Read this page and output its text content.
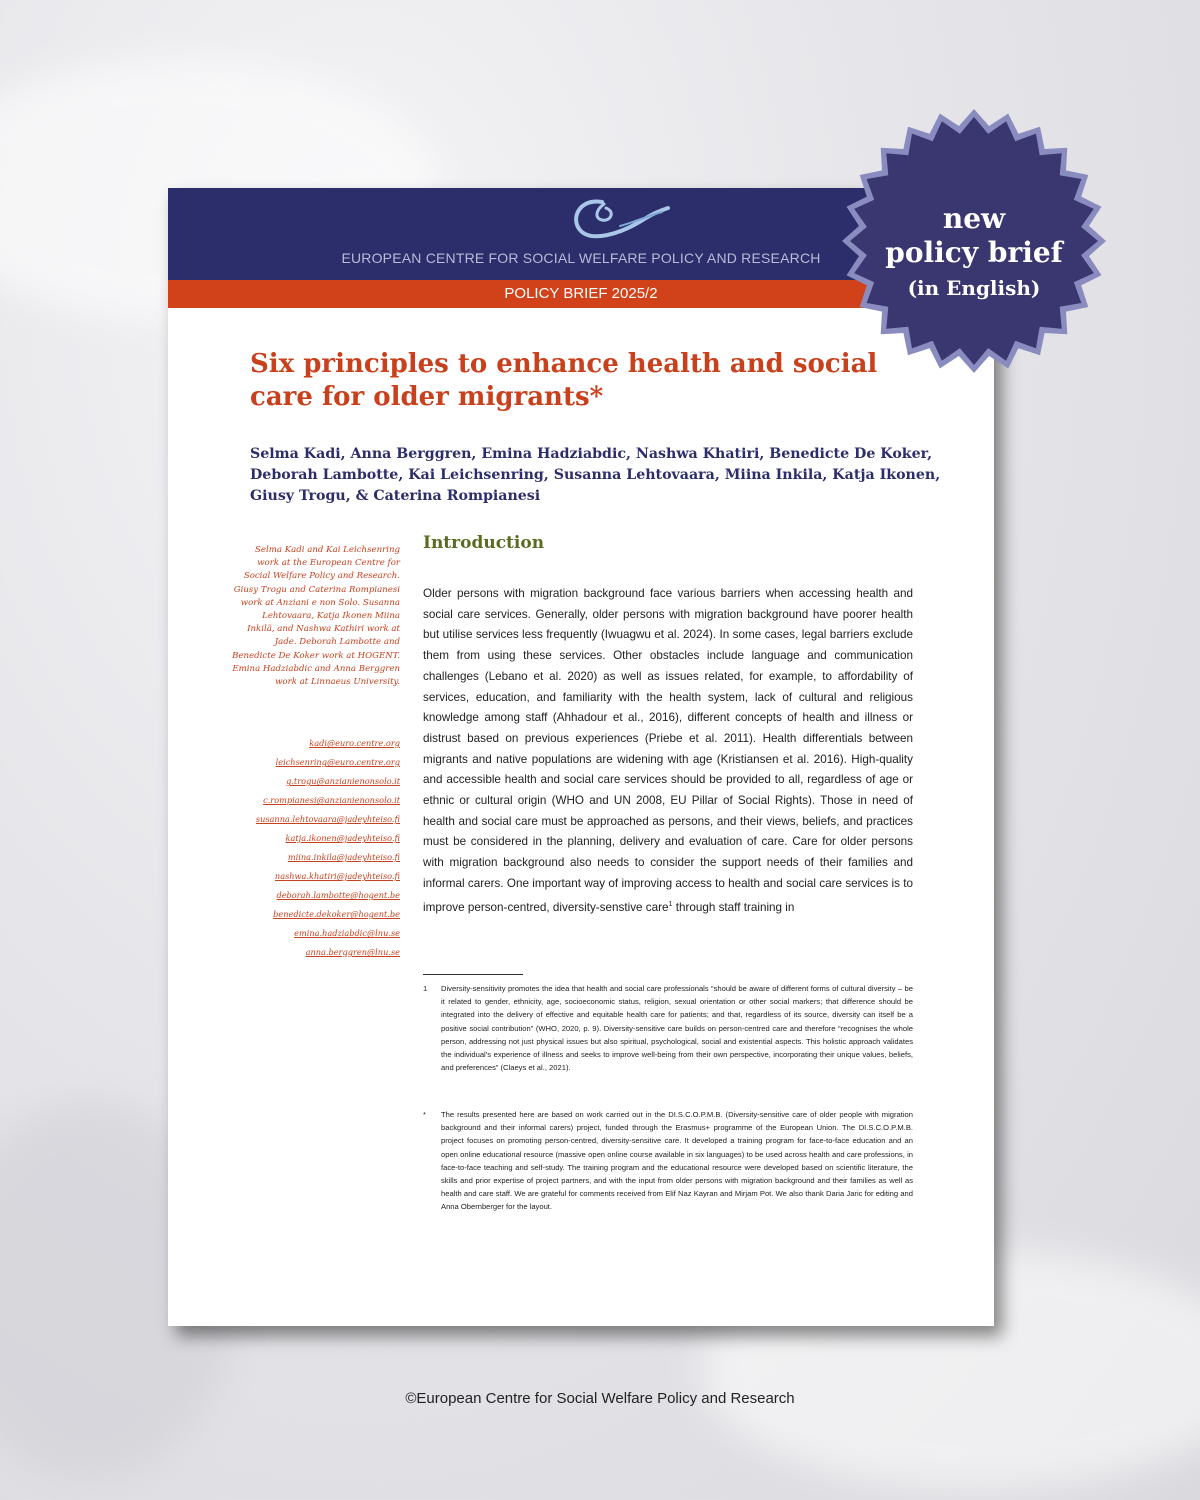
EUROPEAN CENTRE FOR SOCIAL WELFARE POLICY AND RESEARCH
POLICY BRIEF 2025/2
Six principles to enhance health and social care for older migrants*

Selma Kadi, Anna Berggren, Emina Hadziabdic, Nashwa Khatiri, Benedicte De Koker, Deborah Lambotte, Kai Leichsenring, Susanna Lehtovaara, Miina Inkila, Katja Ikonen, Giusy Trogu, & Caterina Rompianesi

Selma Kadi and Kai Leichsenring work at the European Centre for Social Welfare Policy and Research. Giusy Trogu and Caterina Rompianesi work at Anziani e non Solo. Susanna Lehtovaara, Katja Ikonen Miina Inkilä, and Nashwa Kathiri work at Jade. Deborah Lambotte and Benedicte De Koker work at HOGENT. Emina Hadziabdic and Anna Berggren work at Linnaeus University.

kadi@euro.centre.org
leichsenring@euro.centre.org
g.trogu@anzianienonsolo.it
c.rompianesi@anzianienonsolo.it
susanna.lehtovaara@jadeyhteiso.fi
katja.ikonen@jadeyhteiso.fi
miina.inkila@jadeyhteiso.fi
nashwa.khatiri@jadeyhteiso.fi
deborah.lambotte@hogent.be
benedicte.dekoker@hogent.be
emina.hadziabdic@lnu.se
anna.berggren@lnu.se
Introduction

Older persons with migration background face various barriers when accessing health and social care services. Generally, older persons with migration background have poorer health but utilise services less frequently (Iwuagwu et al. 2024). In some cases, legal barriers exclude them from using these services. Other obstacles include language and communication challenges (Lebano et al. 2020) as well as issues related, for example, to affordability of services, education, and familiarity with the health system, lack of cultural and religious knowledge among staff (Ahhadour et al., 2016), different concepts of health and illness or distrust based on previous experiences (Priebe et al. 2011). Health differentials between migrants and native populations are widening with age (Kristiansen et al. 2016). High-quality and accessible health and social care services should be provided to all, regardless of age or ethnic or cultural origin (WHO and UN 2008, EU Pillar of Social Rights). Those in need of health and social care must be approached as persons, and their views, beliefs, and practices must be considered in the planning, delivery and evaluation of care. Care for older persons with migration background also needs to consider the support needs of their families and informal carers. One important way of improving access to health and social care services is to improve person-centred, diversity-senstive care$^1$ through staff training in

1 Diversity-sensitivity promotes the idea that health and social care professionals “should be aware of different forms of cultural diversity – be it related to gender, ethnicity, age, socioeconomic status, religion, sexual orientation or other social markers; that difference should be integrated into the delivery of effective and equitable health care for patients; and that, regardless of its source, diversity can itself be a positive social contribution” (WHO, 2020, p. 9). Diversity-sensitive care builds on person-centred care and therefore “recognises the whole person, addressing not just physical issues but also spiritual, psychological, social and existential aspects. This holistic approach validates the individual’s experience of illness and seeks to improve well-being from their own perspective, incorporating their unique values, beliefs, and preferences” (Claeys et al., 2021).

* The results presented here are based on work carried out in the DI.S.C.O.P.M.B. (Diversity-sensitive care of older people with migration background and their informal carers) project, funded through the Erasmus+ programme of the European Union. The DI.S.C.O.P.M.B. project focuses on promoting person-centred, diversity-sensitive care. It developed a training program for face-to-face education and an open online educational resource (massive open online course available in six languages) to be used across health and care professions, in face-to-face teaching and self-study. The training program and the educational resource were developed based on scientific literature, the skills and prior expertise of project partners, and with the input from older persons with migration background and their families as well as health and care staff. We are grateful for comments received from Elif Naz Kayran and Mirjam Pot. We also thank Daria Jaric for editing and Anna Obernberger for the layout.

new
policy brief
(in English)
©European Centre for Social Welfare Policy and Research
